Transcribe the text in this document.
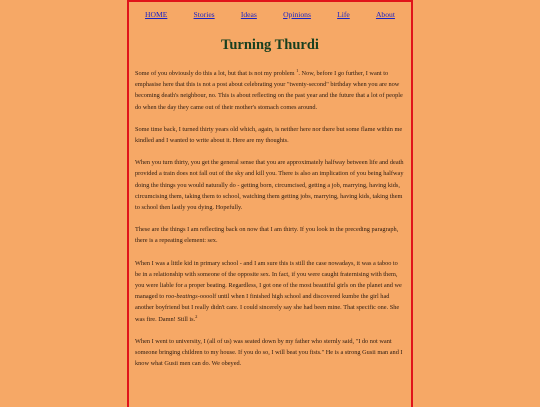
HOME	Stories	Ideas	Opinions	Life	About
Turning Thurdi

Some of you obviously do this a lot, but that is not my problem $^1$. Now, before I go further, I want to emphasise here that this is not a post about celebrating your "twenty-second" birthday when you are now becoming death's neighbour, no. This is about reflecting on the past year and the future that a lot of people do when the day they came out of their mother's stomach comes around.

Some time back, I turned thirty years old which, again, is neither here nor there but some flame within me kindled and I wanted to write about it. Here are my thoughts.

When you turn thirty, you get the general sense that you are approximately halfway between life and death provided a train does not fall out of the sky and kill you. There is also an implication of you being halfway doing the things you would naturally do - getting born, circumcised, getting a job, marrying, having kids, circumcising them, taking them to school, watching them getting jobs, marrying, having kids, taking them to school then lastly you dying. Hopefully.

These are the things I am reflecting back on now that I am thirty. If you look in the preceding paragraph, there is a repeating element: sex.

When I was a little kid in primary school - and I am sure this is still the case nowadays, it was a taboo to be in a relationship with someone of the opposite sex. In fact, if you were caught fraternising with them, you were liable for a proper beating. Regardless, I got one of the most beautiful girls on the planet and we managed to roo-beatings-oooolf until when I finished high school and discovered kumbe the girl had another boyfriend but I really didn't care. I could sincerely say she had been mine. That specific one. She was fire. Damn! Still is.$^2$

When I went to university, I (all of us) was seated down by my father who sternly said, "I do not want someone bringing children to my house. If you do so, I will beat you fists." He is a strong Gusii man and I know what Gusii men can do. We obeyed.
